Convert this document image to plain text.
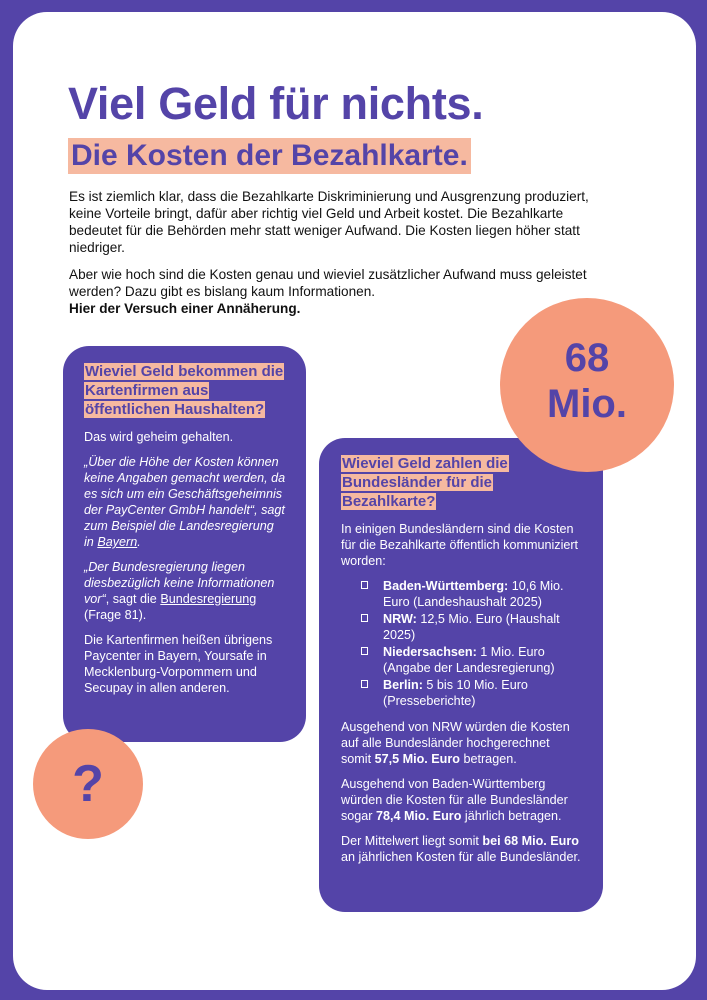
Viel Geld für nichts.
Die Kosten der Bezahlkarte.

Es ist ziemlich klar, dass die Bezahlkarte Diskriminierung und Ausgrenzung produziert, keine Vorteile bringt, dafür aber richtig viel Geld und Arbeit kostet. Die Bezahlkarte bedeutet für die Behörden mehr statt weniger Aufwand. Die Kosten liegen höher statt niedriger.

Aber wie hoch sind die Kosten genau und wieviel zusätzlicher Aufwand muss geleistet werden? Dazu gibt es bislang kaum Informationen.
Hier der Versuch einer Annäherung.

68
Mio.
Wieviel Geld bekommen die Kartenfirmen aus öffentlichen Haushalten?

Das wird geheim gehalten.

„Über die Höhe der Kosten können keine Angaben gemacht werden, da es sich um ein Geschäftsgeheimnis der PayCenter GmbH handelt“, sagt zum Beispiel die Landesregierung in Bayern.

„Der Bundesregierung liegen diesbezüglich keine Informationen vor“, sagt die Bundesregierung (Frage 81).

Die Kartenfirmen heißen übrigens Paycenter in Bayern, Yoursafe in Mecklenburg-Vorpommern und Secupay in allen anderen.

?
Wieviel Geld zahlen die Bundesländer für die Bezahlkarte?

In einigen Bundesländern sind die Kosten für die Bezahlkarte öffentlich kommuniziert worden:

Baden-Württemberg: 10,6 Mio. Euro (Landeshaushalt 2025)
NRW: 12,5 Mio. Euro (Haushalt 2025)
Niedersachsen: 1 Mio. Euro (Angabe der Landesregierung)
Berlin: 5 bis 10 Mio. Euro (Presseberichte)

Ausgehend von NRW würden die Kosten auf alle Bundesländer hochgerechnet somit 57,5 Mio. Euro betragen.

Ausgehend von Baden-Württemberg würden die Kosten für alle Bundesländer sogar 78,4 Mio. Euro jährlich betragen.

Der Mittelwert liegt somit bei 68 Mio. Euro an jährlichen Kosten für alle Bundesländer.
